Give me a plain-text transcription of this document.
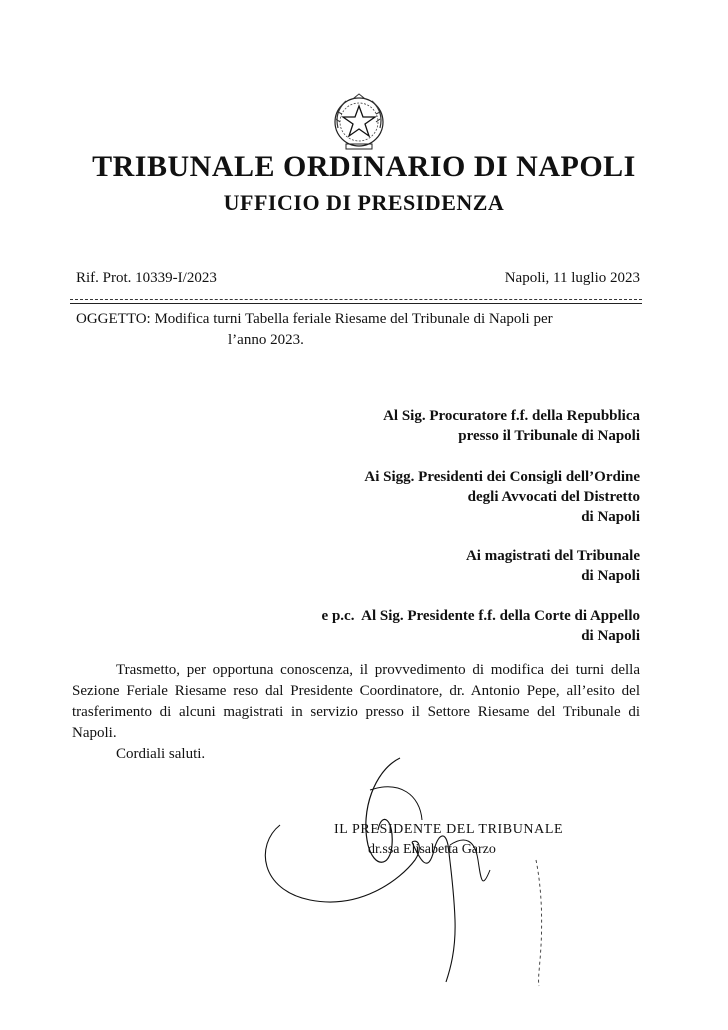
TRIBUNALE ORDINARIO DI NAPOLI
UFFICIO DI PRESIDENZA
Rif. Prot. 10339-I/2023	Napoli, 11 luglio 2023
OGGETTO: Modifica turni Tabella feriale Riesame del Tribunale di Napoli per
l’anno 2023.
Al Sig. Procuratore f.f. della Repubblica
presso il Tribunale di Napoli
Ai Sigg. Presidenti dei Consigli dell’Ordine
degli Avvocati del Distretto
di Napoli
Ai magistrati del Tribunale
di Napoli
e p.c.  Al Sig. Presidente f.f. della Corte di Appello
di Napoli

Trasmetto, per opportuna conoscenza, il provvedimento di modifica dei turni della Sezione Feriale Riesame reso dal Presidente Coordinatore, dr. Antonio Pepe, all’esito del trasferimento di alcuni magistrati in servizio presso il Settore Riesame del Tribunale di Napoli.

Cordiali saluti.

IL PRESIDENTE DEL TRIBUNALE
dr.ssa Elisabetta Garzo
